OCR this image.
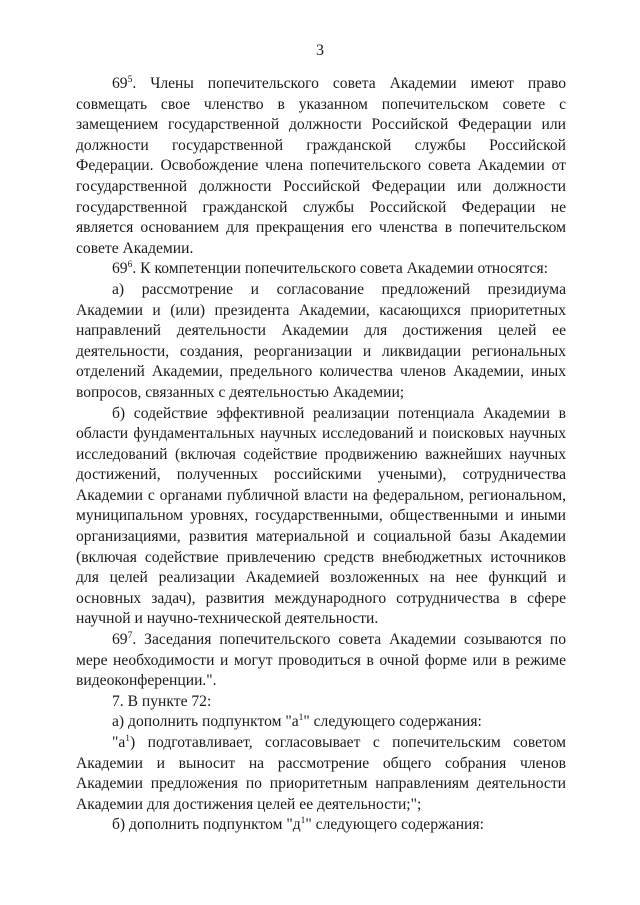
3

$69^5$. Члены попечительского совета Академии имеют право совмещать свое членство в указанном попечительском совете с замещением государственной должности Российской Федерации или должности государственной гражданской службы Российской Федерации. Освобождение члена попечительского совета Академии от государственной должности Российской Федерации или должности государственной гражданской службы Российской Федерации не является основанием для прекращения его членства в попечительском совете Академии.

$69^6$. К компетенции попечительского совета Академии относятся:

а) рассмотрение и согласование предложений президиума Академии и (или) президента Академии, касающихся приоритетных направлений деятельности Академии для достижения целей ее деятельности, создания, реорганизации и ликвидации региональных отделений Академии, предельного количества членов Академии, иных вопросов, связанных с деятельностью Академии;

б) содействие эффективной реализации потенциала Академии в области фундаментальных научных исследований и поисковых научных исследований (включая содействие продвижению важнейших научных достижений, полученных российскими учеными), сотрудничества Академии с органами публичной власти на федеральном, региональном, муниципальном уровнях, государственными, общественными и иными организациями, развития материальной и социальной базы Академии (включая содействие привлечению средств внебюджетных источников для целей реализации Академией возложенных на нее функций и основных задач), развития международного сотрудничества в сфере научной и научно-технической деятельности.

$69^7$. Заседания попечительского совета Академии созываются по мере необходимости и могут проводиться в очной форме или в режиме видеоконференции.".

7. В пункте 72:

а) дополнить подпунктом "$а^1$" следующего содержания:

"$а^1$) подготавливает, согласовывает с попечительским советом Академии и выносит на рассмотрение общего собрания членов Академии предложения по приоритетным направлениям деятельности Академии для достижения целей ее деятельности;";

б) дополнить подпунктом "$д^1$" следующего содержания:
